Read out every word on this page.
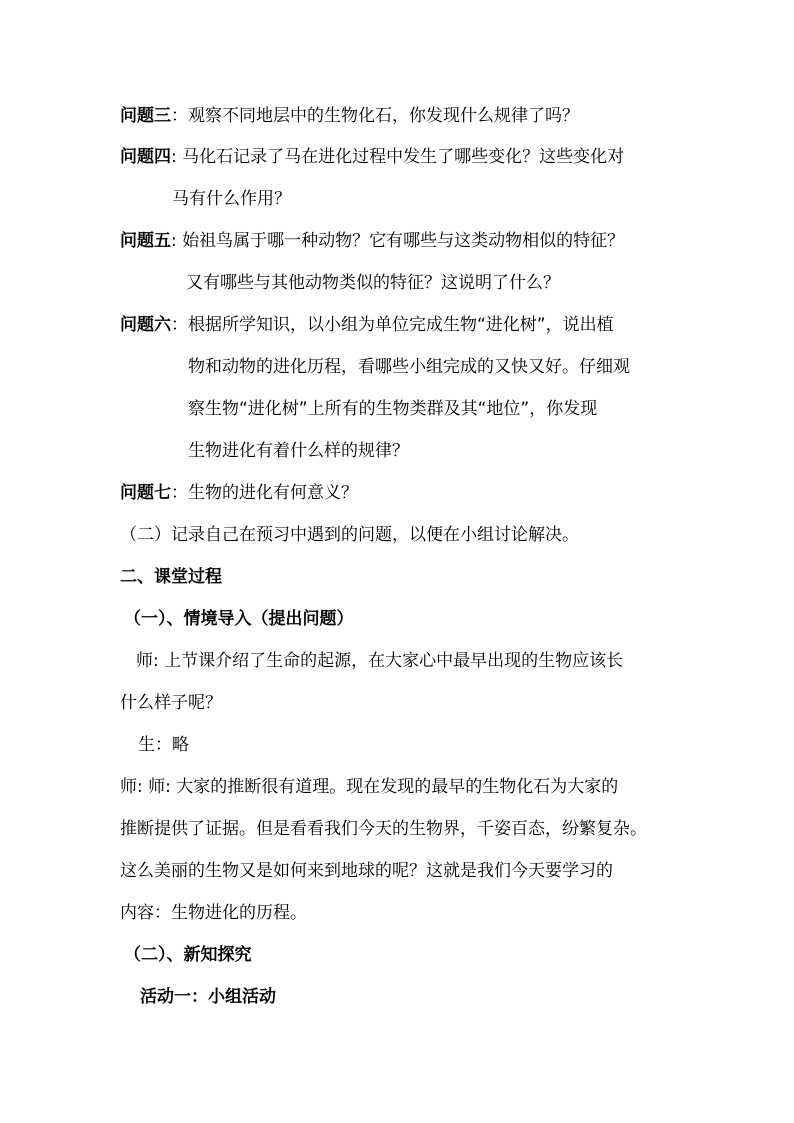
问题三：观察不同地层中的生物化石，你发现什么规律了吗？
问题四: 马化石记录了马在进化过程中发生了哪些变化？这些变化对
马有什么作用？
问题五: 始祖鸟属于哪一种动物？它有哪些与这类动物相似的特征？
又有哪些与其他动物类似的特征？这说明了什么？
问题六：根据所学知识，以小组为单位完成生物“进化树”，说出植
物和动物的进化历程，看哪些小组完成的又快又好。仔细观
察生物“进化树”上所有的生物类群及其“地位”，你发现
生物进化有着什么样的规律？
问题七：生物的进化有何意义？
（二）记录自己在预习中遇到的问题，以便在小组讨论解决。
二、课堂过程
（一）、情境导入（提出问题）
师: 上节课介绍了生命的起源，在大家心中最早出现的生物应该长
什么样子呢？
生：略
师: 师: 大家的推断很有道理。现在发现的最早的生物化石为大家的
推断提供了证据。但是看看我们今天的生物界，千姿百态，纷繁复杂。
这么美丽的生物又是如何来到地球的呢？这就是我们今天要学习的
内容：生物进化的历程。
（二）、新知探究
活动一：小组活动
